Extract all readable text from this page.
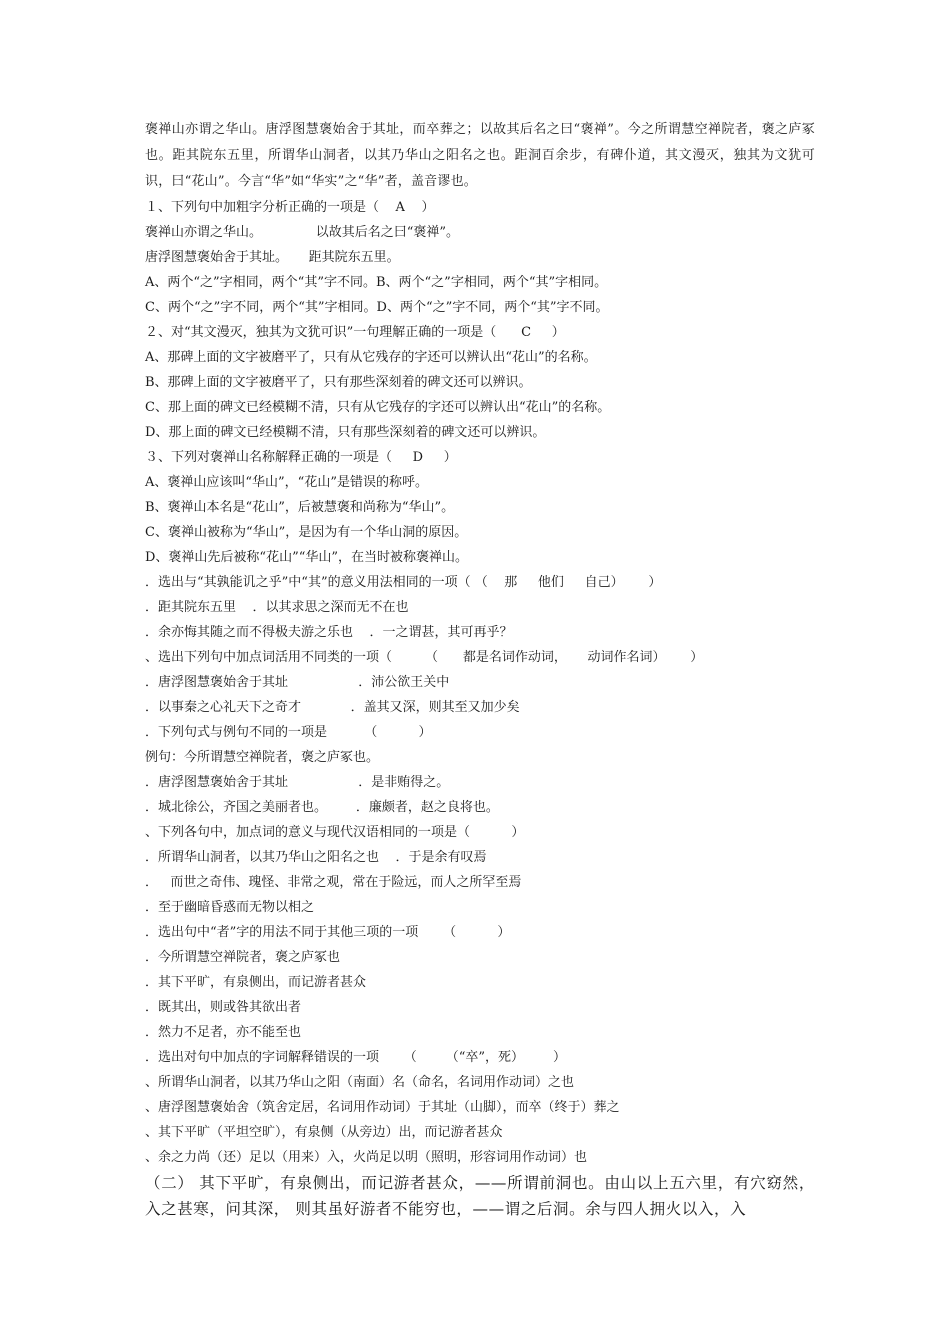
褒禅山亦谓之华山。唐浮图慧褒始舍于其址，而卒葬之；以故其后名之曰“褒禅”。今之所谓慧空禅院者，褒之庐冢也。距其院东五里，所谓华山洞者，以其乃华山之阳名之也。距洞百余步，有碑仆道，其文漫灭，独其为文犹可识，曰“花山”。今言“华”如“华实”之“华”者，盖音谬也。

１、下列句中加粗字分析正确的一项是（    A    ）

褒禅山亦谓之华山。             以故其后名之曰“褒禅”。

唐浮图慧褒始舍于其址。     距其院东五里。

A、两个“之”字相同，两个“其”字不同。B、两个“之”字相同，两个“其”字相同。

C、两个“之”字不同，两个“其”字相同。D、两个“之”字不同，两个“其”字不同。

２、对“其文漫灭，独其为文犹可识”一句理解正确的一项是（      C     ）

A、那碑上面的文字被磨平了，只有从它残存的字还可以辨认出“花山”的名称。

B、那碑上面的文字被磨平了，只有那些深刻着的碑文还可以辨识。

C、那上面的碑文已经模糊不清，只有从它残存的字还可以辨认出“花山”的名称。

D、那上面的碑文已经模糊不清，只有那些深刻着的碑文还可以辨识。

３、下列对褒禅山名称解释正确的一项是（     D     ）

A、褒禅山应该叫“华山”，“花山”是错误的称呼。

B、褒禅山本名是“花山”，后被慧褒和尚称为“华山”。

C、褒禅山被称为“华山”，是因为有一个华山洞的原因。

D、褒禅山先后被称“花山”“华山”，在当时被称褒禅山。

．选出与“其孰能讥之乎”中“其”的意义用法相同的一项（ （    那     他们     自己）      ）

．距其院东五里    ．以其求思之深而无不在也

．余亦悔其随之而不得极夫游之乐也    ．一之谓甚，其可再乎？

、选出下列句中加点词活用不同类的一项（        （      都是名词作动词，     动词作名词）      ）

．唐浮图慧褒始舍于其址                 ．沛公欲王关中

．以事秦之心礼天下之奇才            ．盖其又深，则其至又加少矣

．下列句式与例句不同的一项是         （          ）

例句：今所谓慧空禅院者，褒之庐冢也。

．唐浮图慧褒始舍于其址                 ．是非贿得之。

．城北徐公，齐国之美丽者也。       ．廉颇者，赵之良将也。

、下列各句中，加点词的意义与现代汉语相同的一项是（          ）

．所谓华山洞者，以其乃华山之阳名之也    ．于是余有叹焉

．   而世之奇伟、瑰怪、非常之观，常在于险远，而人之所罕至焉

．至于幽暗昏惑而无物以相之

．选出句中“者”字的用法不同于其他三项的一项      （          ）

．今所谓慧空禅院者，褒之庐冢也

．其下平旷，有泉侧出，而记游者甚众

．既其出，则或咎其欲出者

．然力不足者，亦不能至也

．选出对句中加点的字词解释错误的一项      （       （“卒”，死）       ）

、所谓华山洞者，以其乃华山之阳（南面）名（命名，名词用作动词）之也

、唐浮图慧褒始舍（筑舍定居，名词用作动词）于其址（山脚），而卒（终于）葬之

、其下平旷（平坦空旷），有泉侧（从旁边）出，而记游者甚众

、余之力尚（还）足以（用来）入，火尚足以明（照明，形容词用作动词）也

（二） 其下平旷，有泉侧出，而记游者甚众，——所谓前洞也。由山以上五六里，有穴窈然，入之甚寒，问其深， 则其虽好游者不能穷也，——谓之后洞。余与四人拥火以入，入
